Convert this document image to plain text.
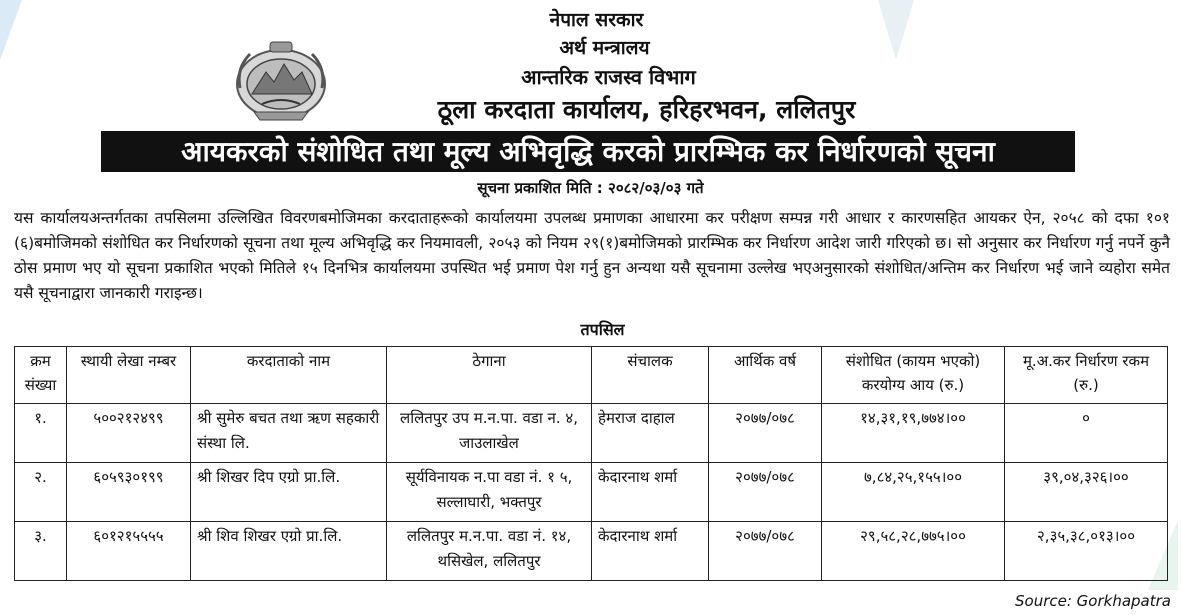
नेपाल सरकार
अर्थ मन्त्रालय
आन्तरिक राजस्व विभाग
ठूला करदाता कार्यालय, हरिहरभवन, ललितपुर
आयकरको संशोधित तथा मूल्य अभिवृद्धि करको प्रारम्भिक कर निर्धारणको सूचना
सूचना प्रकाशित मिति : २०८२/०३/०३ गते

यस कार्यालयअन्तर्गतका तपसिलमा उल्लिखित विवरणबमोजिमका करदाताहरूको कार्यालयमा उपलब्ध प्रमाणका आधारमा कर परीक्षण सम्पन्न गरी आधार र कारणसहित आयकर ऐन, २०५८ को दफा १०१ (६)बमोजिमको संशोधित कर निर्धारणको सूचना तथा मूल्य अभिवृद्धि कर नियमावली, २०५३ को नियम २९(१)बमोजिमको प्रारम्भिक कर निर्धारण आदेश जारी गरिएको छ। सो अनुसार कर निर्धारण गर्नु नपर्ने कुनै ठोस प्रमाण भए यो सूचना प्रकाशित भएको मितिले १५ दिनभित्र कार्यालयमा उपस्थित भई प्रमाण पेश गर्नु हुन अन्यथा यसै सूचनामा उल्लेख भएअनुसारको संशोधित/अन्तिम कर निर्धारण भई जाने व्यहोरा समेत यसै सूचनाद्वारा जानकारी गराइन्छ।

तपसिल
क्रम संख्या	स्थायी लेखा नम्बर	करदाताको नाम	ठेगाना	संचालक	आर्थिक वर्ष	संशोधित (कायम भएको) करयोग्य आय (रु.)	मू.अ.कर निर्धारण रकम (रु.)
१.	५००२१२४९९	श्री सुमेरु बचत तथा ऋण सहकारी संस्था लि.	ललितपुर उप म.न.पा. वडा न. ४, जाउलाखेल	हेमराज दाहाल	२०७७/०७८	१४,३१,१९,७७४।००	०
२.	६०५९३०१९९	श्री शिखर दिप एग्रो प्रा.लि.	सूर्यविनायक न.पा वडा नं. १ ५, सल्लाघारी, भक्तपुर	केदारनाथ शर्मा	२०७७/०७८	७,८४,२५,१५५।००	३९,०४,३२६।००
३.	६०१२१५५५५	श्री शिव शिखर एग्रो प्रा.लि.	ललितपुर म.न.पा. वडा नं. १४, थसिखेल, ललितपुर	केदारनाथ शर्मा	२०७७/०७८	२९,५८,२८,७७५।००	२,३५,३८,०१३।००
Source: Gorkhapatra
